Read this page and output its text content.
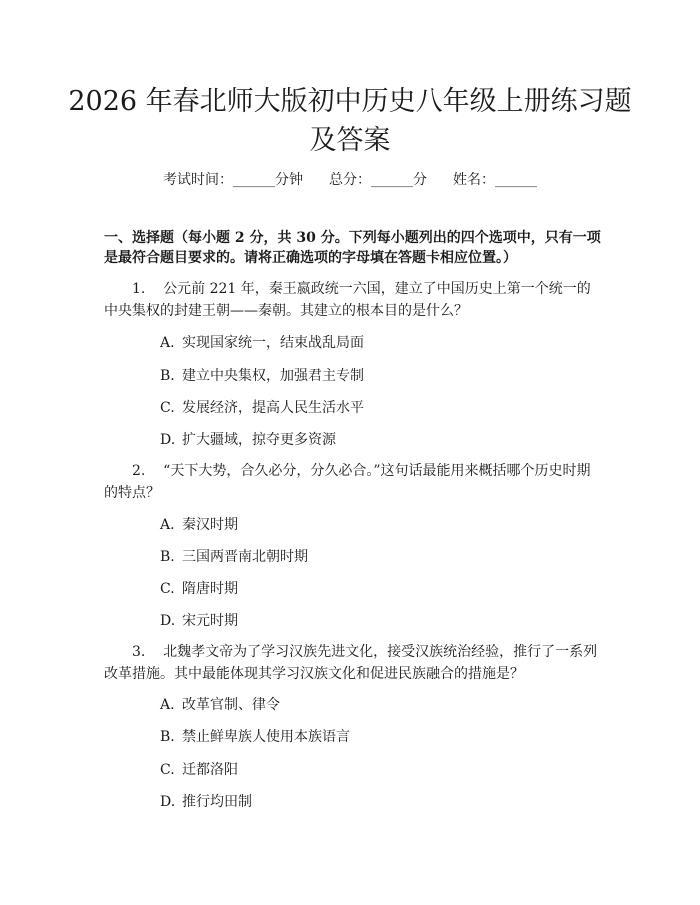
2026 年春北师大版初中历史八年级上册练习题及答案
考试时间：______分钟 总分：______分 姓名：______

一、选择题（每小题 2 分，共 30 分。下列每小题列出的四个选项中，只有一项是最符合题目要求的。请将正确选项的字母填在答题卡相应位置。）

1. 公元前 221 年，秦王嬴政统一六国，建立了中国历史上第一个统一的中央集权的封建王朝——秦朝。其建立的根本目的是什么？

A. 实现国家统一，结束战乱局面
B. 建立中央集权，加强君主专制
C. 发展经济，提高人民生活水平
D. 扩大疆域，掠夺更多资源

2. “天下大势，合久必分，分久必合。”这句话最能用来概括哪个历史时期的特点？

A. 秦汉时期
B. 三国两晋南北朝时期
C. 隋唐时期
D. 宋元时期

3. 北魏孝文帝为了学习汉族先进文化，接受汉族统治经验，推行了一系列改革措施。其中最能体现其学习汉族文化和促进民族融合的措施是？

A. 改革官制、律令
B. 禁止鲜卑族人使用本族语言
C. 迁都洛阳
D. 推行均田制
